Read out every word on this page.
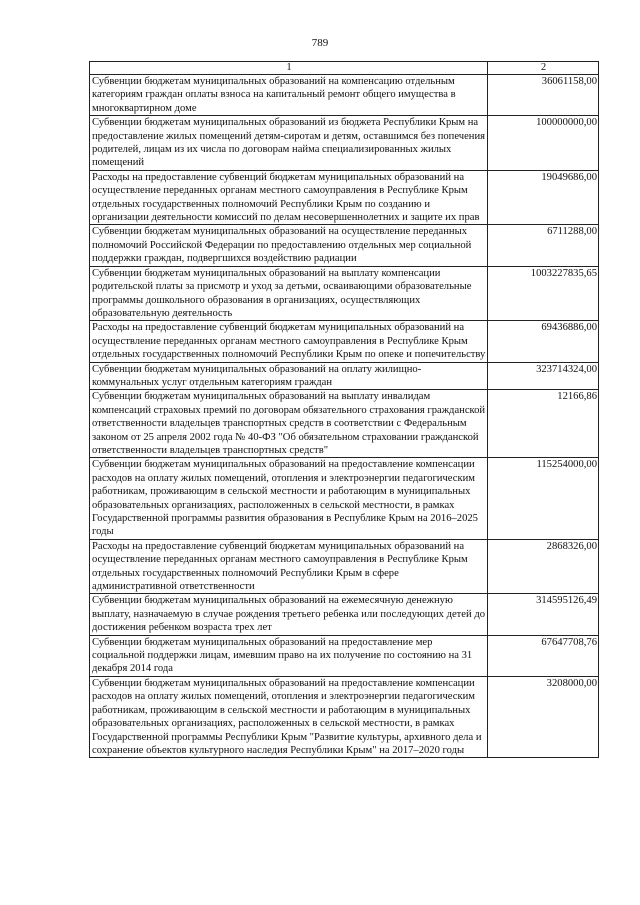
789
1	2
Субвенции бюджетам муниципальных образований на компенсацию отдельным категориям граждан оплаты взноса на капитальный ремонт общего имущества в многоквартирном доме	36061158,00
Субвенции бюджетам муниципальных образований из бюджета Республики Крым на предоставление жилых помещений детям-сиротам и детям, оставшимся без попечения родителей, лицам из их числа по договорам найма специализированных жилых помещений	100000000,00
Расходы на предоставление субвенций бюджетам муниципальных образований на осуществление переданных органам местного самоуправления в Республике Крым отдельных государственных полномочий Республики Крым по созданию и организации деятельности комиссий по делам несовершеннолетних и защите их прав	19049686,00
Субвенции бюджетам муниципальных образований на осуществление переданных полномочий Российской Федерации по предоставлению отдельных мер социальной поддержки граждан, подвергшихся воздействию радиации	6711288,00
Субвенции бюджетам муниципальных образований на выплату компенсации родительской платы за присмотр и уход за детьми, осваивающими образовательные программы дошкольного образования в организациях, осуществляющих образовательную деятельность	1003227835,65
Расходы на предоставление субвенций бюджетам муниципальных образований на осуществление переданных органам местного самоуправления в Республике Крым отдельных государственных полномочий Республики Крым по опеке и попечительству	69436886,00
Субвенции бюджетам муниципальных образований на оплату жилищно-коммунальных услуг отдельным категориям граждан	323714324,00
Субвенции бюджетам муниципальных образований на выплату инвалидам компенсаций страховых премий по договорам обязательного страхования гражданской ответственности владельцев транспортных средств в соответствии с Федеральным законом от 25 апреля 2002 года № 40-ФЗ "Об обязательном страховании гражданской ответственности владельцев транспортных средств"	12166,86
Субвенции бюджетам муниципальных образований на предоставление компенсации расходов на оплату жилых помещений, отопления и электроэнергии педагогическим работникам, проживающим в сельской местности и работающим в муниципальных образовательных организациях, расположенных в сельской местности, в рамках Государственной программы развития образования в Республике Крым на 2016–2025 годы	115254000,00
Расходы на предоставление субвенций бюджетам муниципальных образований на осуществление переданных органам местного самоуправления в Республике Крым отдельных государственных полномочий Республики Крым в сфере административной ответственности	2868326,00
Субвенции бюджетам муниципальных образований на ежемесячную денежную выплату, назначаемую в случае рождения третьего ребенка или последующих детей до достижения ребенком возраста трех лет	314595126,49
Субвенции бюджетам муниципальных образований на предоставление мер социальной поддержки лицам, имевшим право на их получение по состоянию на 31 декабря 2014 года	67647708,76
Субвенции бюджетам муниципальных образований на предоставление компенсации расходов на оплату жилых помещений, отопления и электроэнергии педагогическим работникам, проживающим в сельской местности и работающим в муниципальных образовательных организациях, расположенных в сельской местности, в рамках Государственной программы Республики Крым "Развитие культуры, архивного дела и сохранение объектов культурного наследия Республики Крым" на 2017–2020 годы	3208000,00
